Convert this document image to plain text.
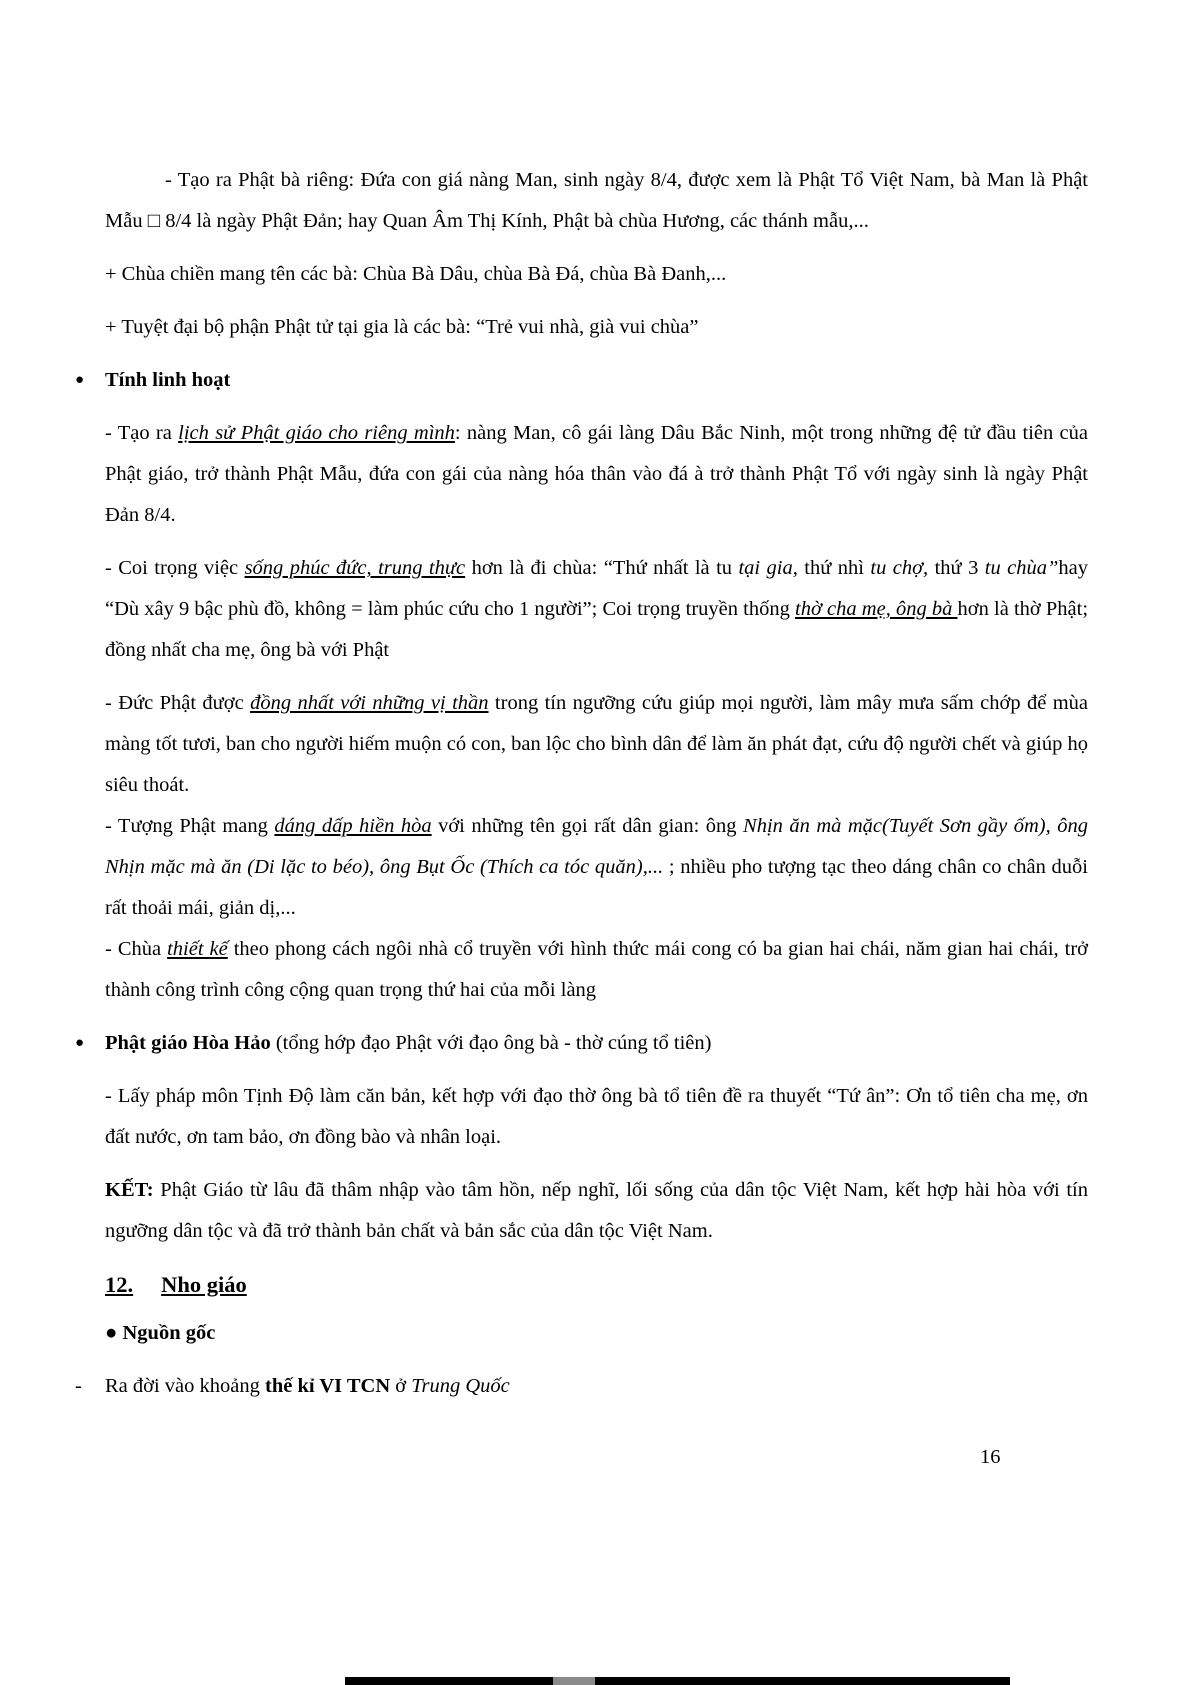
- Tạo ra Phật bà riêng: Đứa con giá nàng Man, sinh ngày 8/4, được xem là Phật Tổ Việt Nam, bà Man là Phật Mẫu □ 8/4 là ngày Phật Đản; hay Quan Âm Thị Kính, Phật bà chùa Hương, các thánh mẫu,...

+ Chùa chiền mang tên các bà: Chùa Bà Dâu, chùa Bà Đá, chùa Bà Đanh,...

+ Tuyệt đại bộ phận Phật tử tại gia là các bà: “Trẻ vui nhà, già vui chùa”

● Tính linh hoạt

- Tạo ra lịch sử Phật giáo cho riêng mình: nàng Man, cô gái làng Dâu Bắc Ninh, một trong những đệ tử đầu tiên của Phật giáo, trở thành Phật Mẫu, đứa con gái của nàng hóa thân vào đá à trở thành Phật Tổ với ngày sinh là ngày Phật Đản 8/4.

- Coi trọng việc sống phúc đức, trung thực hơn là đi chùa: “Thứ nhất là tu tại gia, thứ nhì tu chợ, thứ 3 tu chùa”hay “Dù xây 9 bậc phù đồ, không = làm phúc cứu cho 1 người”; Coi trọng truyền thống thờ cha mẹ, ông bà hơn là thờ Phật; đồng nhất cha mẹ, ông bà với Phật

- Đức Phật được đồng nhất với những vị thần trong tín ngưỡng cứu giúp mọi người, làm mây mưa sấm chớp để mùa màng tốt tươi, ban cho người hiếm muộn có con, ban lộc cho bình dân để làm ăn phát đạt, cứu độ người chết và giúp họ siêu thoát.

- Tượng Phật mang dáng dấp hiền hòa với những tên gọi rất dân gian: ông Nhịn ăn mà mặc(Tuyết Sơn gầy ốm), ông Nhịn mặc mà ăn (Di lặc to béo), ông Bụt Ốc (Thích ca tóc quăn),... ; nhiều pho tượng tạc theo dáng chân co chân duỗi rất thoải mái, giản dị,...

- Chùa thiết kế theo phong cách ngôi nhà cổ truyền với hình thức mái cong có ba gian hai chái, năm gian hai chái, trở thành công trình công cộng quan trọng thứ hai của mỗi làng

● Phật giáo Hòa Hảo (tổng hớp đạo Phật với đạo ông bà - thờ cúng tổ tiên)

- Lấy pháp môn Tịnh Độ làm căn bản, kết hợp với đạo thờ ông bà tổ tiên đề ra thuyết “Tứ ân”: Ơn tổ tiên cha mẹ, ơn đất nước, ơn tam bảo, ơn đồng bào và nhân loại.

KẾT: Phật Giáo từ lâu đã thâm nhập vào tâm hồn, nếp nghĩ, lối sống của dân tộc Việt Nam, kết hợp hài hòa với tín ngưỡng dân tộc và đã trở thành bản chất và bản sắc của dân tộc Việt Nam.

12. Nho giáo

● Nguồn gốc

- Ra đời vào khoảng thế kỉ VI TCN ở Trung Quốc

16
